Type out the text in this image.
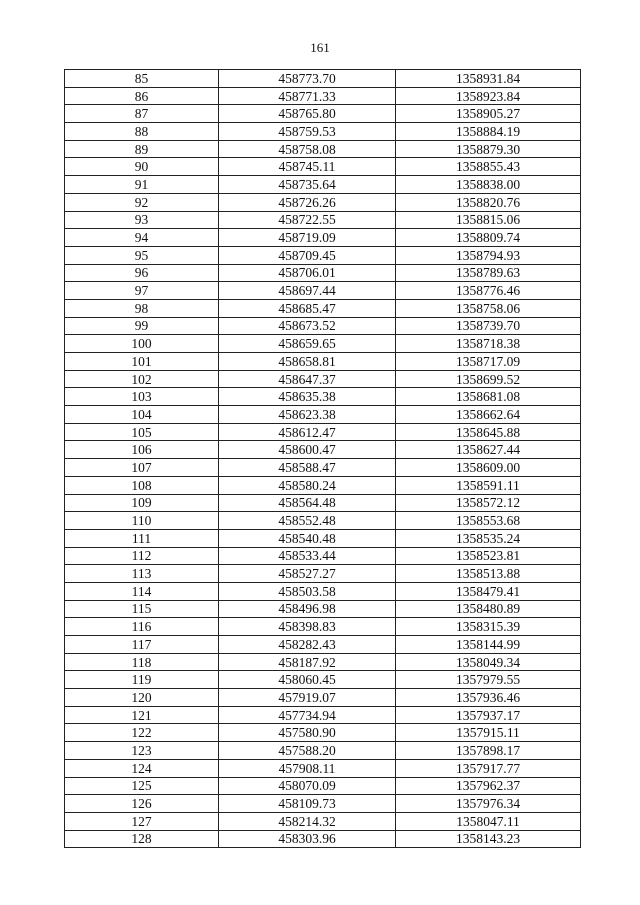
161
85	458773.70	1358931.84
86	458771.33	1358923.84
87	458765.80	1358905.27
88	458759.53	1358884.19
89	458758.08	1358879.30
90	458745.11	1358855.43
91	458735.64	1358838.00
92	458726.26	1358820.76
93	458722.55	1358815.06
94	458719.09	1358809.74
95	458709.45	1358794.93
96	458706.01	1358789.63
97	458697.44	1358776.46
98	458685.47	1358758.06
99	458673.52	1358739.70
100	458659.65	1358718.38
101	458658.81	1358717.09
102	458647.37	1358699.52
103	458635.38	1358681.08
104	458623.38	1358662.64
105	458612.47	1358645.88
106	458600.47	1358627.44
107	458588.47	1358609.00
108	458580.24	1358591.11
109	458564.48	1358572.12
110	458552.48	1358553.68
111	458540.48	1358535.24
112	458533.44	1358523.81
113	458527.27	1358513.88
114	458503.58	1358479.41
115	458496.98	1358480.89
116	458398.83	1358315.39
117	458282.43	1358144.99
118	458187.92	1358049.34
119	458060.45	1357979.55
120	457919.07	1357936.46
121	457734.94	1357937.17
122	457580.90	1357915.11
123	457588.20	1357898.17
124	457908.11	1357917.77
125	458070.09	1357962.37
126	458109.73	1357976.34
127	458214.32	1358047.11
128	458303.96	1358143.23
